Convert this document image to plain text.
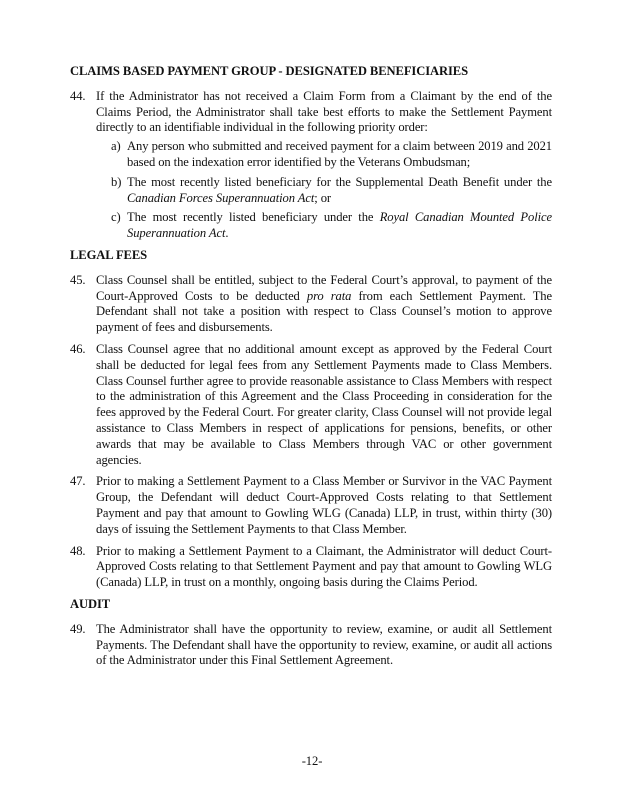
CLAIMS BASED PAYMENT GROUP - DESIGNATED BENEFICIARIES
44. If the Administrator has not received a Claim Form from a Claimant by the end of the Claims Period, the Administrator shall take best efforts to make the Settlement Payment directly to an identifiable individual in the following priority order:
a) Any person who submitted and received payment for a claim between 2019 and 2021 based on the indexation error identified by the Veterans Ombudsman;
b) The most recently listed beneficiary for the Supplemental Death Benefit under the Canadian Forces Superannuation Act; or
c) The most recently listed beneficiary under the Royal Canadian Mounted Police Superannuation Act.
LEGAL FEES
45. Class Counsel shall be entitled, subject to the Federal Court’s approval, to payment of the Court-Approved Costs to be deducted pro rata from each Settlement Payment. The Defendant shall not take a position with respect to Class Counsel’s motion to approve payment of fees and disbursements.
46. Class Counsel agree that no additional amount except as approved by the Federal Court shall be deducted for legal fees from any Settlement Payments made to Class Members. Class Counsel further agree to provide reasonable assistance to Class Members with respect to the administration of this Agreement and the Class Proceeding in consideration for the fees approved by the Federal Court. For greater clarity, Class Counsel will not provide legal assistance to Class Members in respect of applications for pensions, benefits, or other awards that may be available to Class Members through VAC or other government agencies.
47. Prior to making a Settlement Payment to a Class Member or Survivor in the VAC Payment Group, the Defendant will deduct Court-Approved Costs relating to that Settlement Payment and pay that amount to Gowling WLG (Canada) LLP, in trust, within thirty (30) days of issuing the Settlement Payments to that Class Member.
48. Prior to making a Settlement Payment to a Claimant, the Administrator will deduct Court-Approved Costs relating to that Settlement Payment and pay that amount to Gowling WLG (Canada) LLP, in trust on a monthly, ongoing basis during the Claims Period.
AUDIT
49. The Administrator shall have the opportunity to review, examine, or audit all Settlement Payments. The Defendant shall have the opportunity to review, examine, or audit all actions of the Administrator under this Final Settlement Agreement.
-12-
